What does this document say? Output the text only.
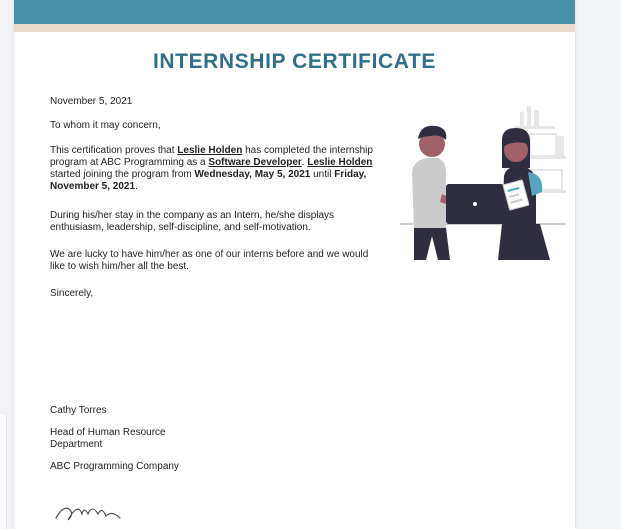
INTERNSHIP CERTIFICATE
November 5, 2021
To whom it may concern,
This certification proves that Leslie Holden has completed the internship program at ABC Programming as a Software Developer. Leslie Holden started joining the program from Wednesday, May 5, 2021 until Friday, November 5, 2021.
During his/her stay in the company as an Intern, he/she displays enthusiasm, leadership, self-discipline, and self-motivation.
We are lucky to have him/her as one of our interns before and we would like to wish him/her all the best.
Sincerely,
Cathy Torres
Head of Human Resource Department
ABC Programming Company
